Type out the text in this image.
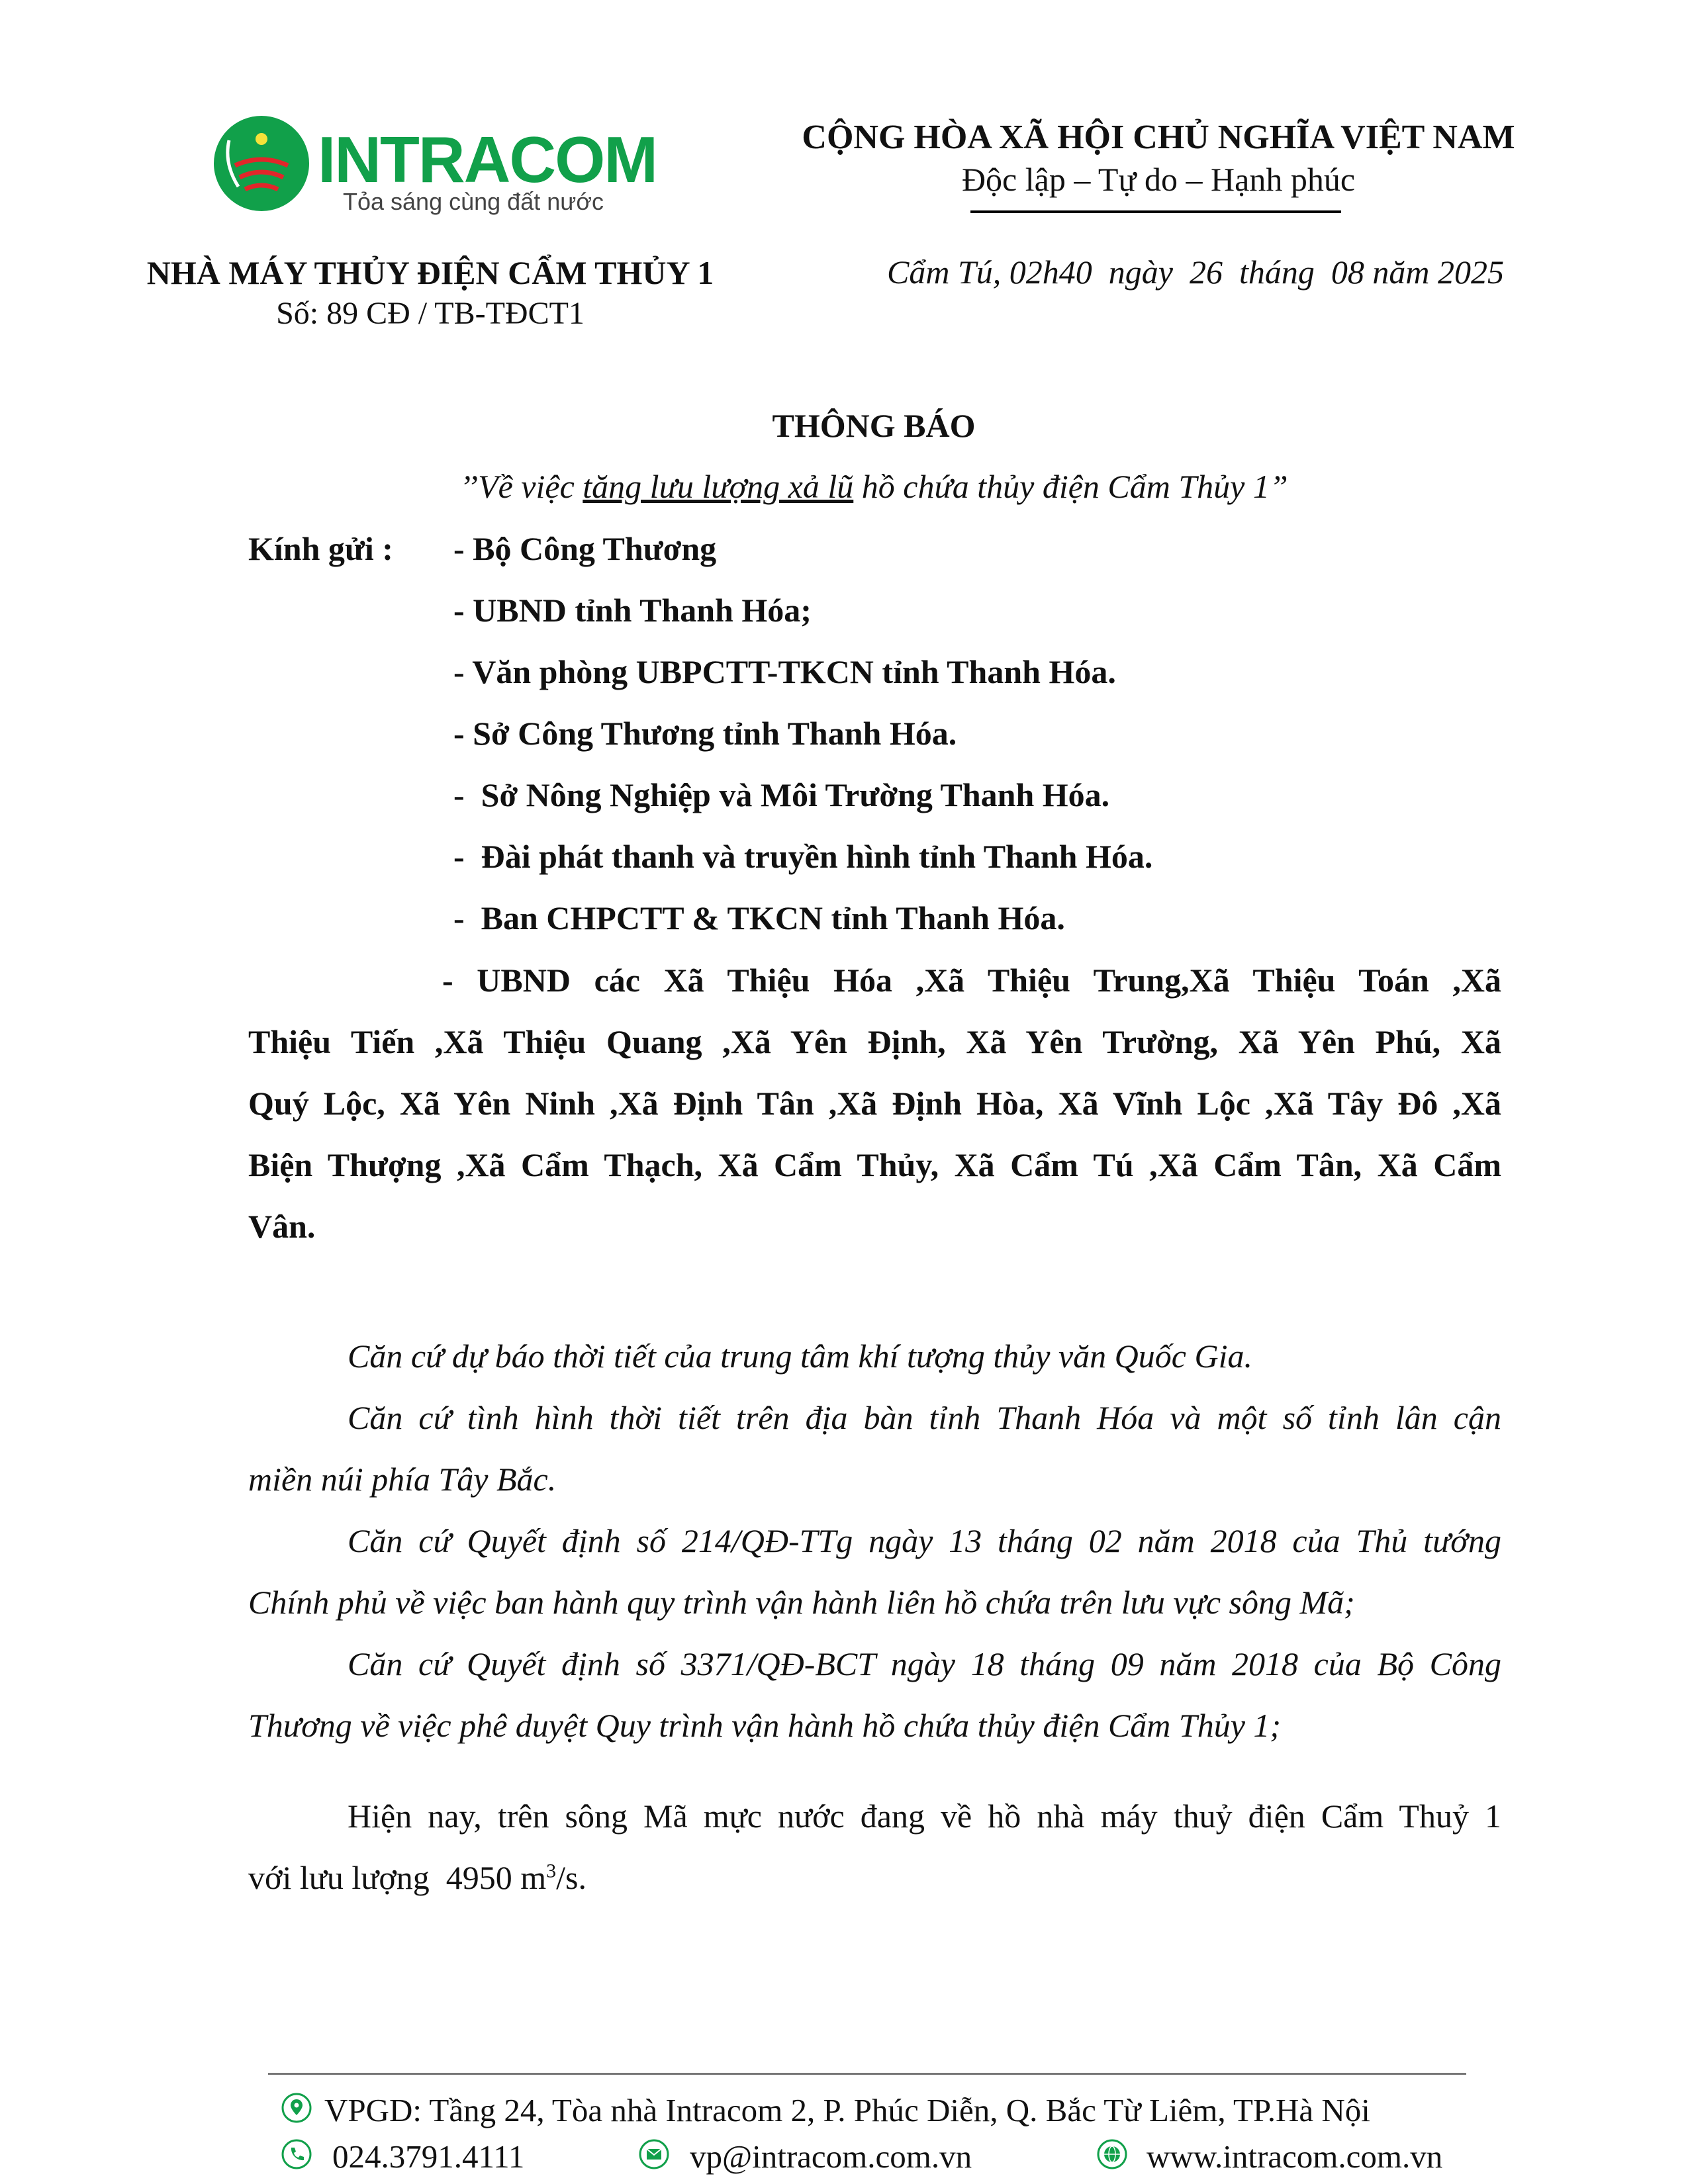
INTRACOM
Tỏa sáng cùng đất nước
CỘNG HÒA XÃ HỘI CHỦ NGHĨA VIỆT NAM
Độc lập – Tự do – Hạnh phúc
NHÀ MÁY THỦY ĐIỆN CẨM THỦY 1
Số: 89 CĐ / TB-TĐCT1
Cẩm Tú, 02h40  ngày  26  tháng  08 năm 2025
THÔNG BÁO
’’Về việc tăng lưu lượng xả lũ hồ chứa thủy điện Cẩm Thủy 1”
Kính gửi : - Bộ Công Thương
- UBND tỉnh Thanh Hóa;
- Văn phòng UBPCTT-TKCN tỉnh Thanh Hóa.
- Sở Công Thương tỉnh Thanh Hóa.
-  Sở Nông Nghiệp và Môi Trường Thanh Hóa.
-  Đài phát thanh và truyền hình tỉnh Thanh Hóa.
-  Ban CHPCTT & TKCN tỉnh Thanh Hóa.
- UBND các Xã Thiệu Hóa ,Xã Thiệu Trung,Xã Thiệu Toán ,Xã
Thiệu Tiến ,Xã Thiệu Quang ,Xã Yên Định, Xã Yên Trường, Xã Yên Phú, Xã
Quý Lộc, Xã Yên Ninh ,Xã Định Tân ,Xã Định Hòa, Xã Vĩnh Lộc ,Xã Tây Đô ,Xã
Biện Thượng ,Xã Cẩm Thạch, Xã Cẩm Thủy, Xã Cẩm Tú ,Xã Cẩm Tân, Xã Cẩm
Vân.
Căn cứ dự báo thời tiết của trung tâm khí tượng thủy văn Quốc Gia.
Căn cứ tình hình thời tiết trên địa bàn tỉnh Thanh Hóa và một số tỉnh lân cận
miền núi phía Tây Bắc.
Căn cứ Quyết định số 214/QĐ-TTg ngày 13 tháng 02 năm 2018 của Thủ tướng
Chính phủ về việc ban hành quy trình vận hành liên hồ chứa trên lưu vực sông Mã;
Căn cứ Quyết định số 3371/QĐ-BCT ngày 18 tháng 09 năm 2018 của Bộ Công
Thương về việc phê duyệt Quy trình vận hành hồ chứa thủy điện Cẩm Thủy 1;
Hiện nay, trên sông Mã mực nước đang về hồ nhà máy thuỷ điện Cẩm Thuỷ 1
với lưu lượng  4950 $m^3/s$.
VPGD: Tầng 24, Tòa nhà Intracom 2, P. Phúc Diễn, Q. Bắc Từ Liêm, TP.Hà Nội
024.3791.4111	vp@intracom.com.vn	www.intracom.com.vn
